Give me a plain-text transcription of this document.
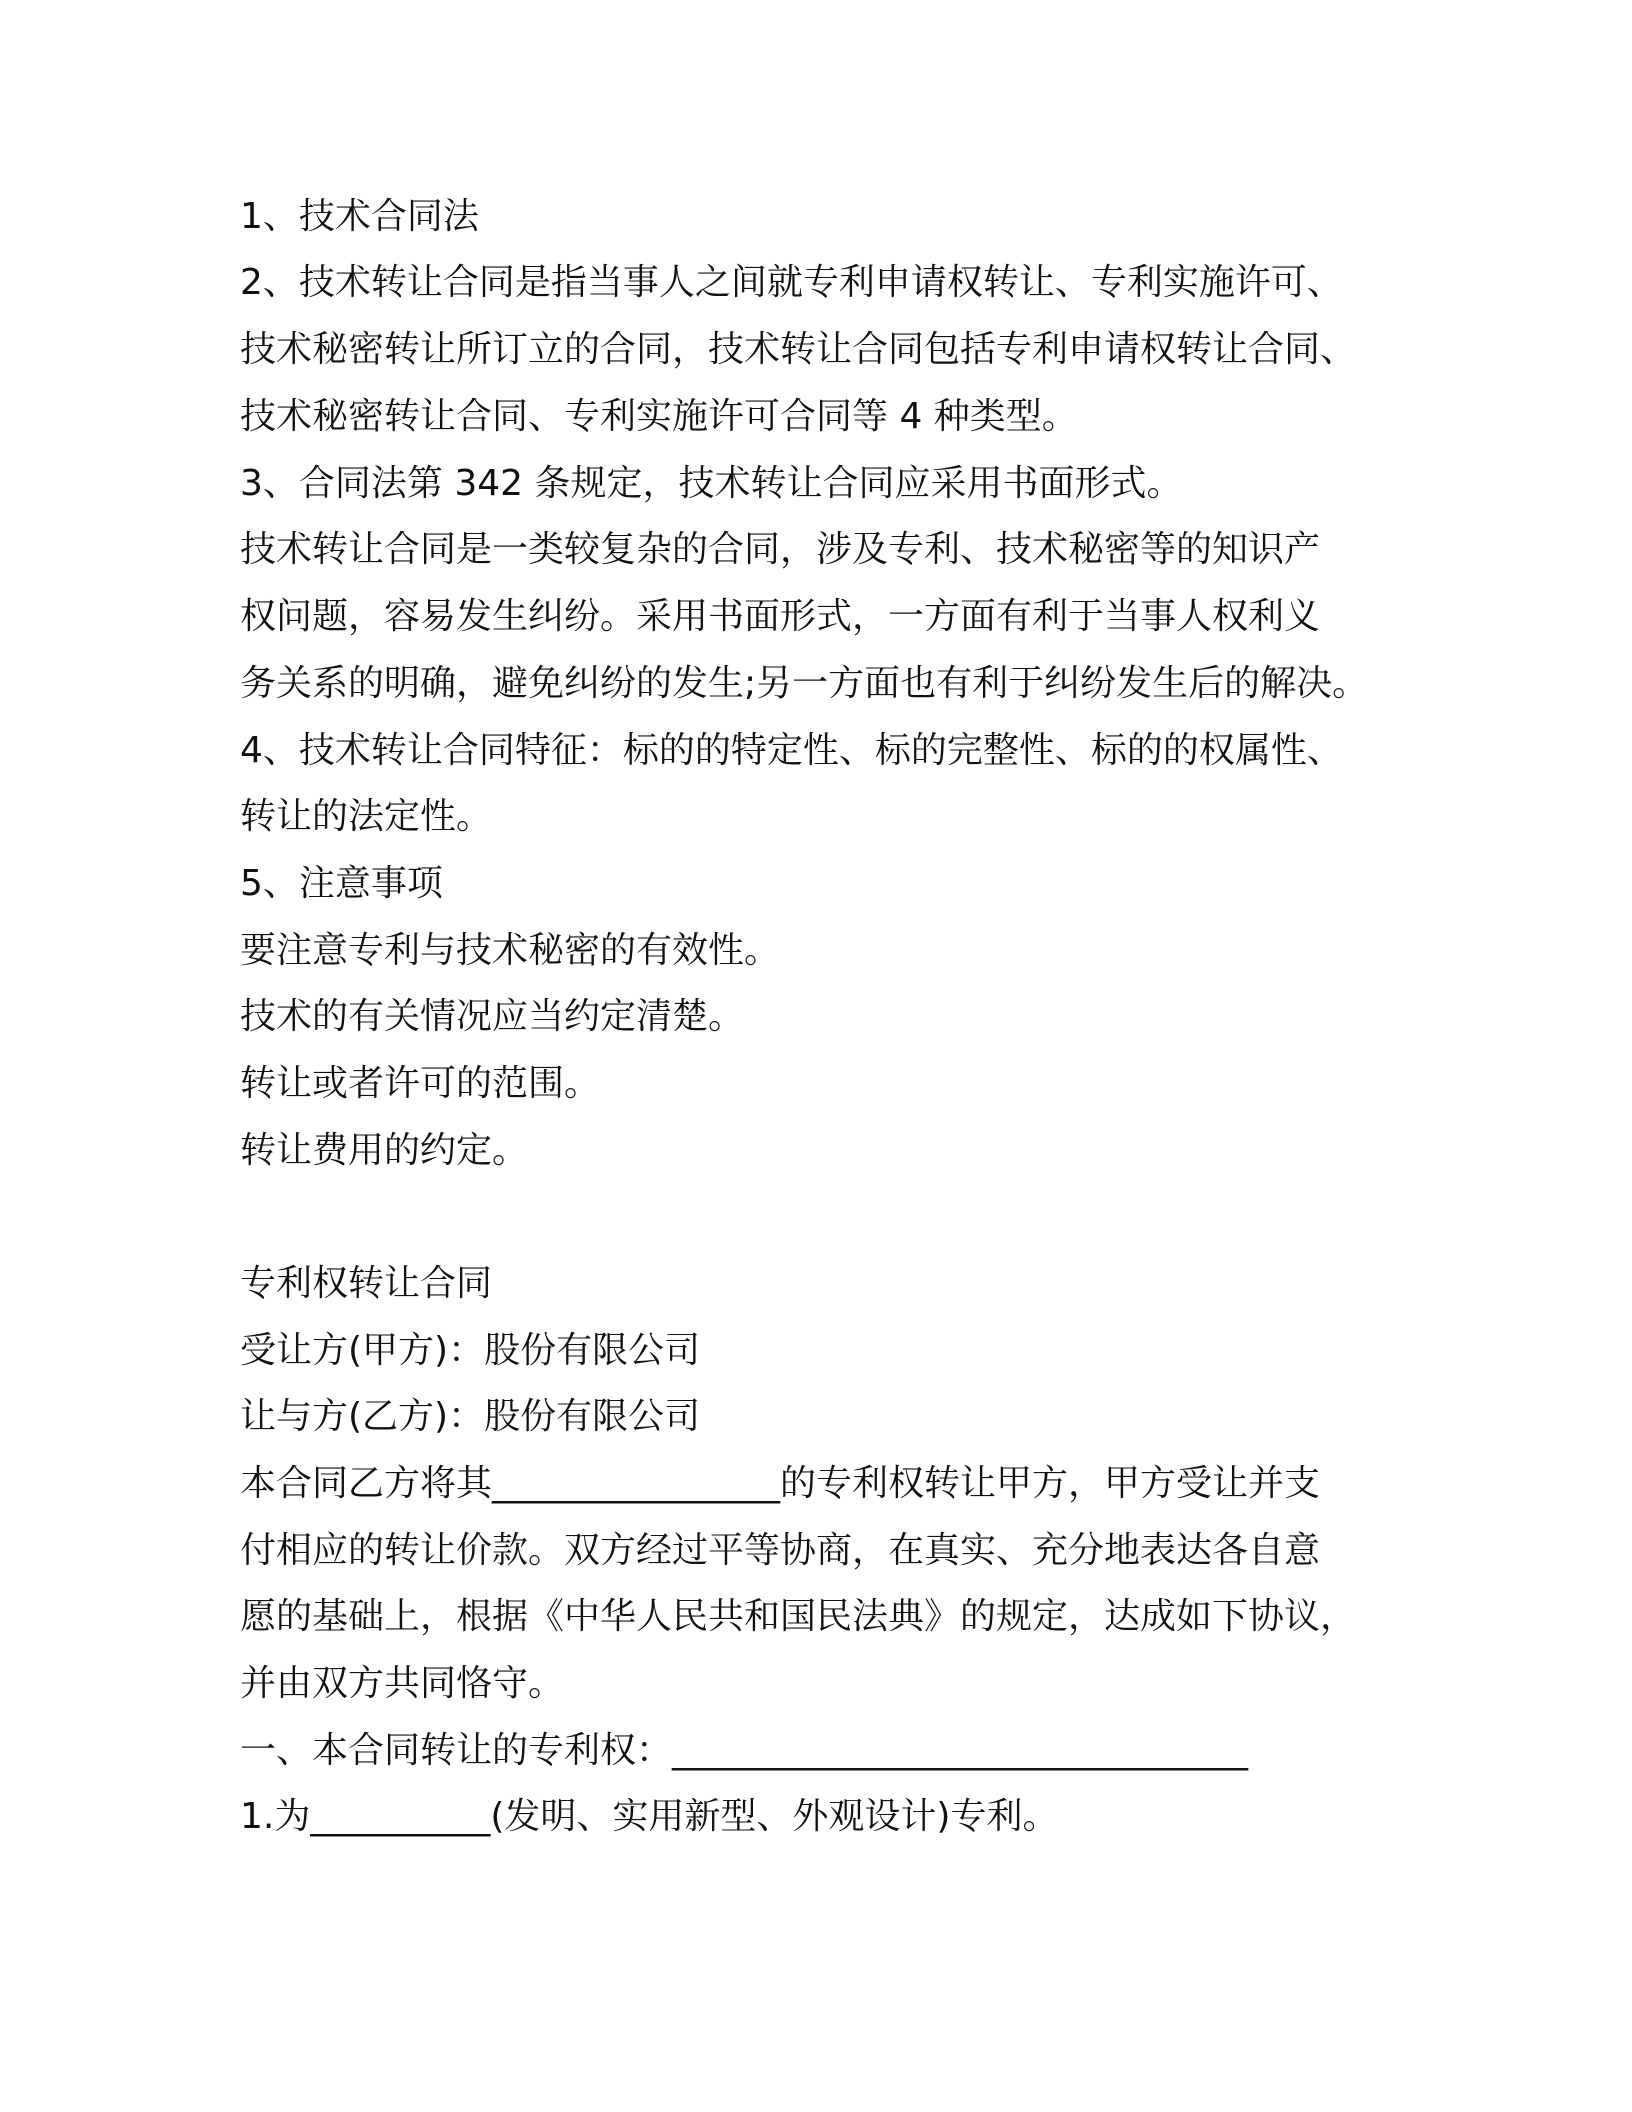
1、技术合同法
2、技术转让合同是指当事人之间就专利申请权转让、专利实施许可、
技术秘密转让所订立的合同，技术转让合同包括专利申请权转让合同、
技术秘密转让合同、专利实施许可合同等 4 种类型。
3、合同法第 342 条规定，技术转让合同应采用书面形式。
技术转让合同是一类较复杂的合同，涉及专利、技术秘密等的知识产
权问题，容易发生纠纷。采用书面形式，一方面有利于当事人权利义
务关系的明确，避免纠纷的发生;另一方面也有利于纠纷发生后的解决。
4、技术转让合同特征：标的的特定性、标的完整性、标的的权属性、
转让的法定性。
5、注意事项
要注意专利与技术秘密的有效性。
技术的有关情况应当约定清楚。
转让或者许可的范围。
转让费用的约定。
专利权转让合同
受让方(甲方)：股份有限公司
让与方(乙方)：股份有限公司
本合同乙方将其________________的专利权转让甲方，甲方受让并支
付相应的转让价款。双方经过平等协商，在真实、充分地表达各自意
愿的基础上，根据《中华人民共和国民法典》的规定，达成如下协议，
并由双方共同恪守。
一、本合同转让的专利权：________________________________
1.为__________(发明、实用新型、外观设计)专利。
